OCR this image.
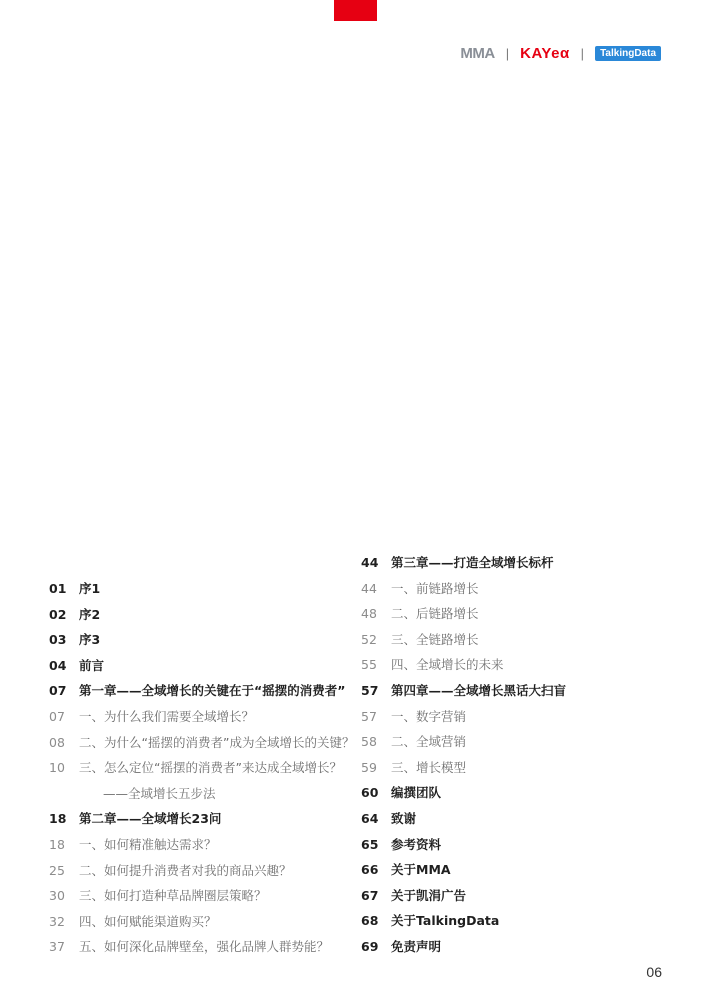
MMA | KAYeα |	TalkingData
01	序1
02	序2
03	序3
04	前言
07	第一章——全域增长的关键在于“摇摆的消费者”
07	一、为什么我们需要全域增长？
08	二、为什么“摇摆的消费者”成为全域增长的关键？
10	三、怎么定位“摇摆的消费者”来达成全域增长？
——全域增长五步法
18	第二章——全域增长23问
18	一、如何精准触达需求？
25	二、如何提升消费者对我的商品兴趣？
30	三、如何打造种草品牌圈层策略？
32	四、如何赋能渠道购买？
37	五、如何深化品牌壁垒，强化品牌人群势能？
44	第三章——打造全域增长标杆
44	一、前链路增长
48	二、后链路增长
52	三、全链路增长
55	四、全域增长的未来
57	第四章——全域增长黑话大扫盲
57	一、数字营销
58	二、全域营销
59	三、增长模型
60	编撰团队
64	致谢
65	参考资料
66	关于MMA
67	关于凯涓广告
68	关于TalkingData
69	免责声明
06
